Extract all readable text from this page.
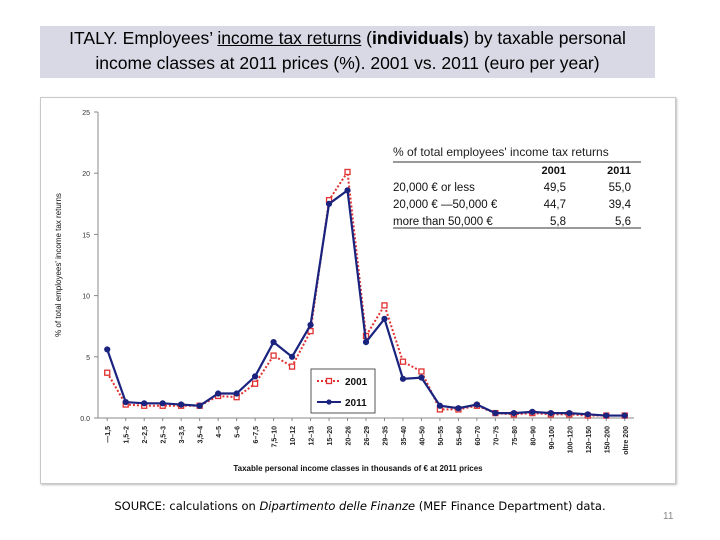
ITALY. Employees’ income tax returns (individuals) by taxable personal
income classes at 2011 prices (%). 2001 vs. 2011 (euro per year)
0.0
5
10
15
20
25
—1,5 1,5–2 2–2,5 2,5–3 3–3,5 3,5–4 4–5 5–6 6–7,5 7,5–10 10–12 12–15 15–20 20–26 26–29 29–35 35–40 40–50 50–55 55–60 60–70 70–75 75–80 80–90 90–100 100–120 120–150 150–200 oltre 200
Taxable personal income classes in thousands of € at 2011 prices
% of total employees' income tax returns
2001
2011
% of total employees' income tax returns
2001	2011
20,000 € or less	49,5	55,0
20,000 € —50,000 €	44,7	39,4
more than 50,000 €	5,8	5,6
SOURCE: calculations on Dipartimento delle Finanze (MEF Finance Department) data.
11
